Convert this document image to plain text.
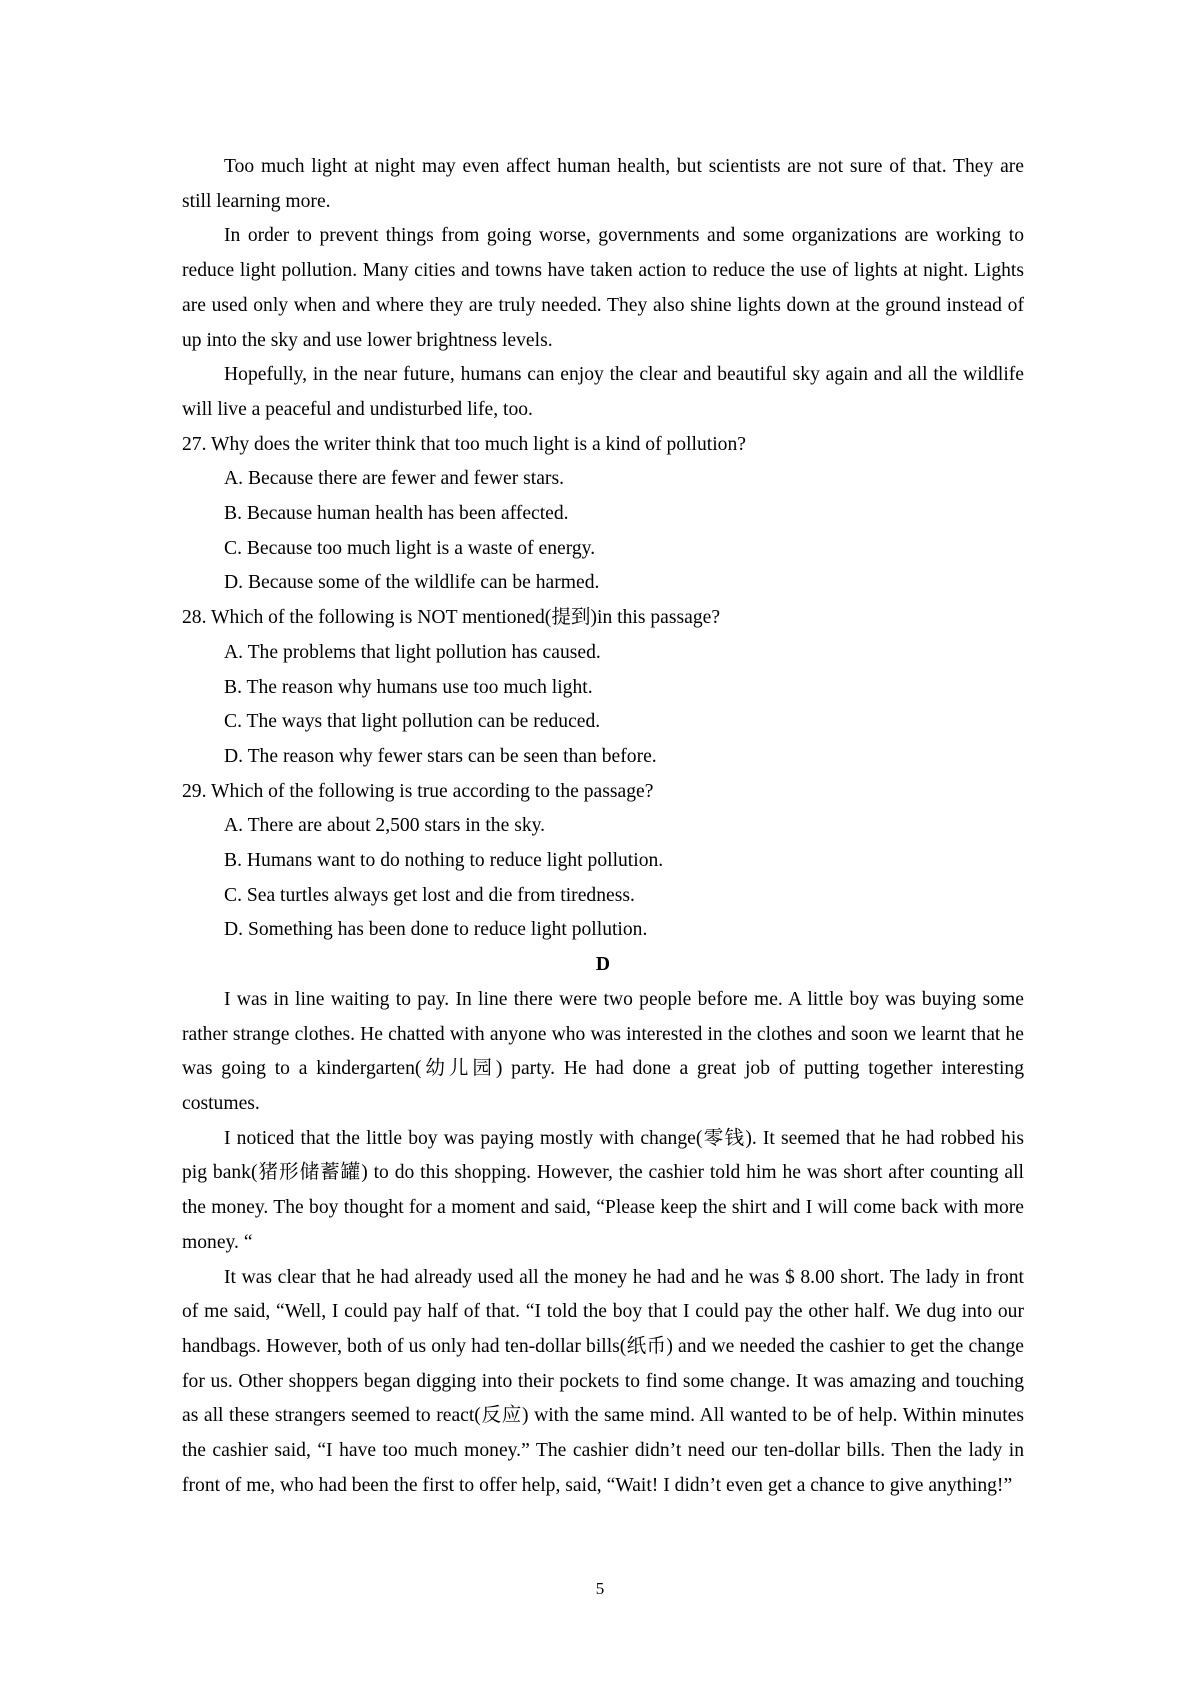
Too much light at night may even affect human health, but scientists are not sure of that. They are still learning more.

In order to prevent things from going worse, governments and some organizations are working to reduce light pollution. Many cities and towns have taken action to reduce the use of lights at night. Lights are used only when and where they are truly needed. They also shine lights down at the ground instead of up into the sky and use lower brightness levels.

Hopefully, in the near future, humans can enjoy the clear and beautiful sky again and all the wildlife will live a peaceful and undisturbed life, too.

27. Why does the writer think that too much light is a kind of pollution?

A. Because there are fewer and fewer stars.
B. Because human health has been affected.
C. Because too much light is a waste of energy.
D. Because some of the wildlife can be harmed.

28. Which of the following is NOT mentioned(提到)in this passage?

A. The problems that light pollution has caused.
B. The reason why humans use too much light.
C. The ways that light pollution can be reduced.
D. The reason why fewer stars can be seen than before.

29. Which of the following is true according to the passage?

A. There are about 2,500 stars in the sky.
B. Humans want to do nothing to reduce light pollution.
C. Sea turtles always get lost and die from tiredness.
D. Something has been done to reduce light pollution.

D

I was in line waiting to pay. In line there were two people before me. A little boy was buying some rather strange clothes. He chatted with anyone who was interested in the clothes and soon we learnt that he was going to a kindergarten(幼儿园) party. He had done a great job of putting together interesting costumes.

I noticed that the little boy was paying mostly with change(零钱). It seemed that he had robbed his pig bank(猪形储蓄罐) to do this shopping. However, the cashier told him he was short after counting all the money. The boy thought for a moment and said, “Please keep the shirt and I will come back with more money. “

It was clear that he had already used all the money he had and he was $ 8.00 short. The lady in front of me said, “Well, I could pay half of that. “I told the boy that I could pay the other half. We dug into our handbags. However, both of us only had ten-dollar bills(纸币) and we needed the cashier to get the change for us. Other shoppers began digging into their pockets to find some change. It was amazing and touching as all these strangers seemed to react(反应) with the same mind. All wanted to be of help. Within minutes the cashier said, “I have too much money.” The cashier didn’t need our ten-dollar bills. Then the lady in front of me, who had been the first to offer help, said, “Wait! I didn’t even get a chance to give anything!”

5
